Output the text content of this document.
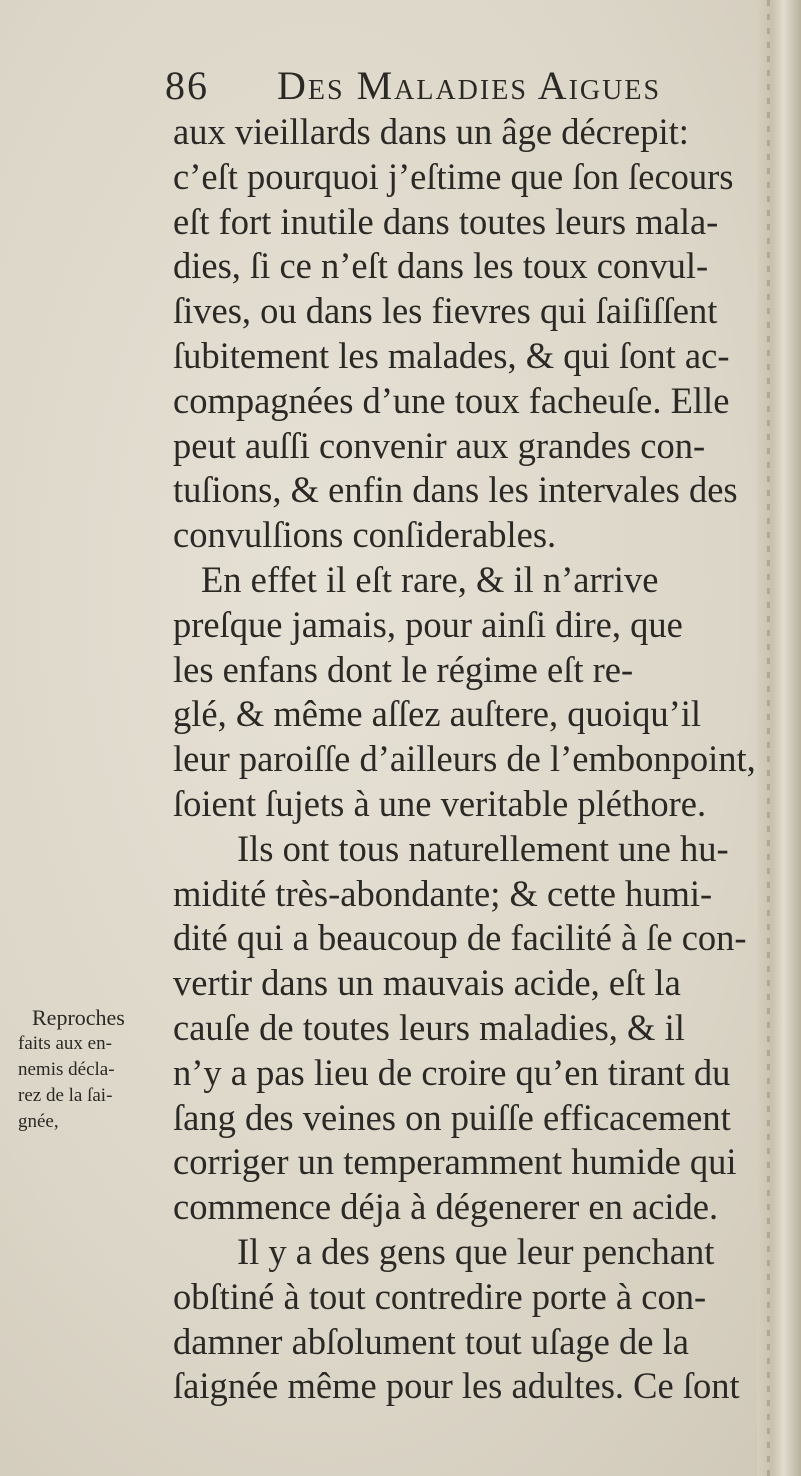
86 Des Maladies Aigues
aux vieillards dans un âge décrepit:
c’eſt pourquoi j’eſtime que ſon ſecours
eſt fort inutile dans toutes leurs mala-
dies, ſi ce n’eſt dans les toux convul-
ſives, ou dans les fievres qui ſaiſiſſent
ſubitement les malades, & qui ſont ac-
compagnées d’une toux facheuſe. Elle
peut auſſi convenir aux grandes con-
tuſions, & enfin dans les intervales des
convulſions conſiderables.
En effet il eſt rare, & il n’arrive
preſque jamais, pour ainſi dire, que
les enfans dont le régime eſt re-
glé, & même aſſez auſtere, quoiqu’il
leur paroiſſe d’ailleurs de l’embonpoint,
ſoient ſujets à une veritable pléthore.
Ils ont tous naturellement une hu-
midité très-abondante; & cette humi-
dité qui a beaucoup de facilité à ſe con-
vertir dans un mauvais acide, eſt la
cauſe de toutes leurs maladies, & il
n’y a pas lieu de croire qu’en tirant du
ſang des veines on puiſſe efficacement
corriger un temperamment humide qui
commence déja à dégenerer en acide.
Il y a des gens que leur penchant
obſtiné à tout contredire porte à con-
damner abſolument tout uſage de la
ſaignée même pour les adultes. Ce ſont
Reproches
faits aux en-
nemis décla-
rez de la ſai-
gnée,
